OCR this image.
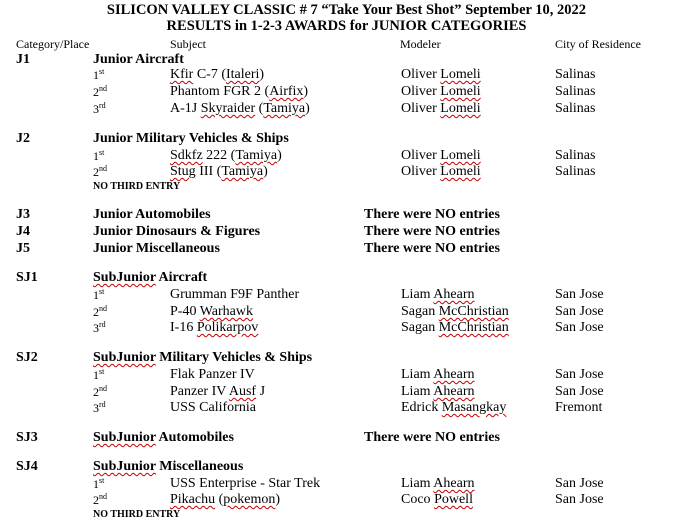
SILICON VALLEY CLASSIC # 7 “Take Your Best Shot” September 10, 2022
RESULTS in 1-2-3 AWARDS for JUNIOR CATEGORIES
Category/Place	Subject	Modeler	City of Residence
J1	Junior Aircraft
1st	Kfir C-7 (Italeri)	Oliver Lomeli	Salinas
2nd	Phantom FGR 2 (Airfix)	Oliver Lomeli	Salinas
3rd	A-1J Skyraider (Tamiya)	Oliver Lomeli	Salinas
J2	Junior Military Vehicles & Ships
1st	Sdkfz 222 (Tamiya)	Oliver Lomeli	Salinas
2nd	Stug III (Tamiya)	Oliver Lomeli	Salinas
NO THIRD ENTRY
J3	Junior Automobiles	There were NO entries
J4	Junior Dinosaurs & Figures	There were NO entries
J5	Junior Miscellaneous	There were NO entries
SJ1	SubJunior Aircraft
1st	Grumman F9F Panther	Liam Ahearn	San Jose
2nd	P-40 Warhawk	Sagan McChristian	San Jose
3rd	I-16 Polikarpov	Sagan McChristian	San Jose
SJ2	SubJunior Military Vehicles & Ships
1st	Flak Panzer IV	Liam Ahearn	San Jose
2nd	Panzer IV Ausf J	Liam Ahearn	San Jose
3rd	USS California	Edrick Masangkay	Fremont
SJ3	SubJunior Automobiles	There were NO entries
SJ4	SubJunior Miscellaneous
1st	USS Enterprise - Star Trek	Liam Ahearn	San Jose
2nd	Pikachu (pokemon)	Coco Powell	San Jose
NO THIRD ENTRY
